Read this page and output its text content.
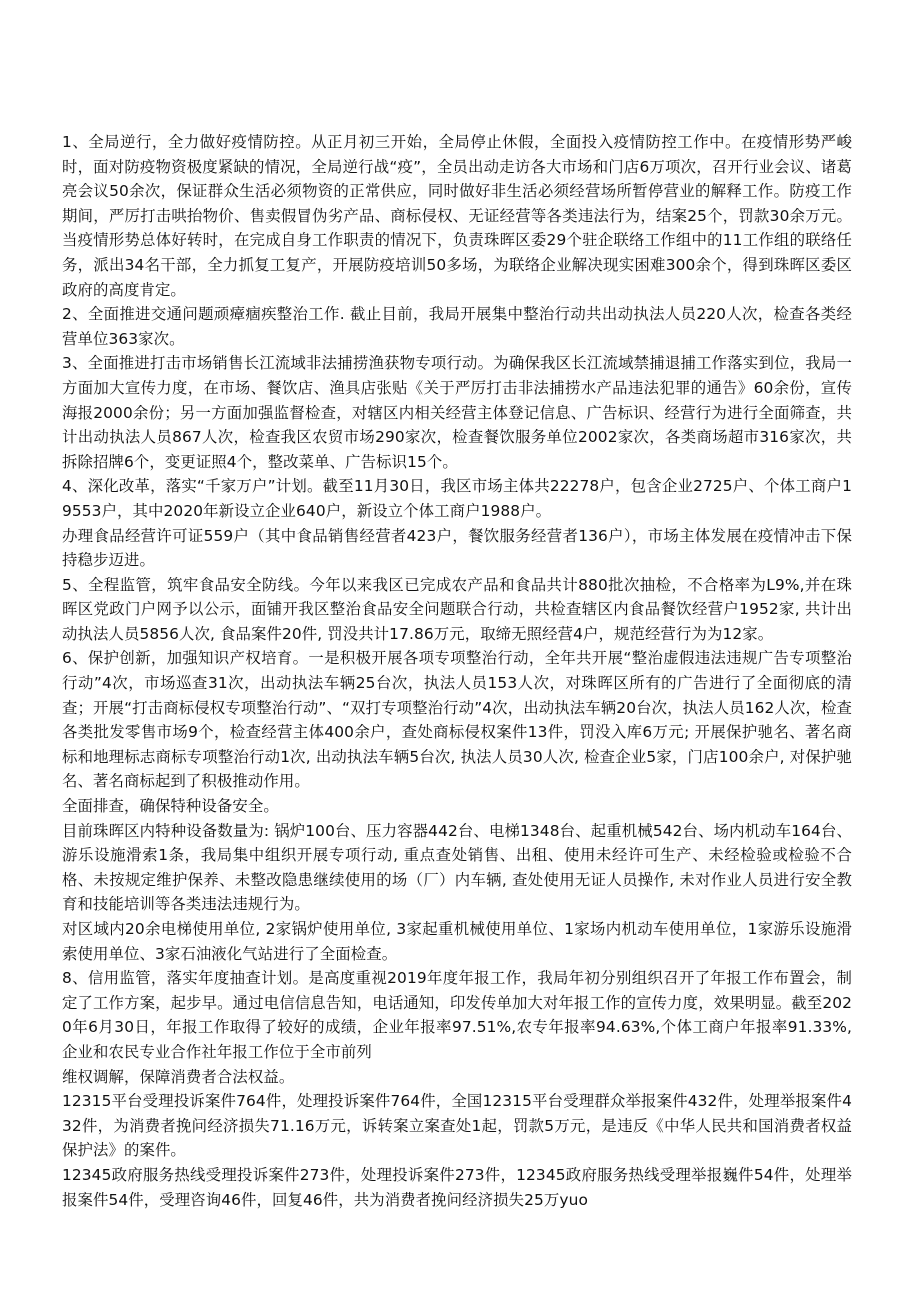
1、全局逆行，全力做好疫情防控。从正月初三开始，全局停止休假，全面投入疫情防控工作中。在疫情形势严峻时，面对防疫物资极度紧缺的情况，全局逆行战“疫”，全员出动走访各大市场和门店6万项次，召开行业会议、诸葛亮会议50余次，保证群众生活必须物资的正常供应，同时做好非生活必须经营场所暂停营业的解释工作。防疫工作期间，严厉打击哄抬物价、售卖假冒伪劣产品、商标侵权、无证经营等各类违法行为，结案25个，罚款30余万元。当疫情形势总体好转时，在完成自身工作职责的情况下，负责珠晖区委29个驻企联络工作组中的11工作组的联络任务，派出34名干部，全力抓复工复产，开展防疫培训50多场，为联络企业解决现实困难300余个，得到珠晖区委区政府的高度肯定。

2、全面推进交通问题顽瘴痼疾整治工作. 截止目前，我局开展集中整治行动共出动执法人员220人次，检查各类经营单位363家次。

3、全面推进打击市场销售长江流域非法捕捞渔获物专项行动。为确保我区长江流域禁捕退捕工作落实到位，我局一方面加大宣传力度，在市场、餐饮店、渔具店张贴《关于严厉打击非法捕捞水产品违法犯罪的通告》60余份，宣传海报2000余份；另一方面加强监督检查，对辖区内相关经营主体登记信息、广告标识、经营行为进行全面筛查，共计出动执法人员867人次，检查我区农贸市场290家次，检查餐饮服务单位2002家次，各类商场超市316家次，共拆除招牌6个，变更证照4个，整改菜单、广告标识15个。

4、深化改革，落实“千家万户”计划。截至11月30日，我区市场主体共22278户，包含企业2725户、个体工商户19553户，其中2020年新设立企业640户，新设立个体工商户1988户。

办理食品经营许可证559户（其中食品销售经营者423户，餐饮服务经营者136户），市场主体发展在疫情冲击下保持稳步迈进。

5、全程监管，筑牢食品安全防线。今年以来我区已完成农产品和食品共计880批次抽检，不合格率为L9%,并在珠晖区党政门户网予以公示，面铺开我区整治食品安全问题联合行动，共检查辖区内食品餐饮经营户1952家, 共计出动执法人员5856人次, 食品案件20件, 罚没共计17.86万元，取缔无照经营4户，规范经营行为为12家。

6、保护创新，加强知识产权培育。一是积极开展各项专项整治行动，全年共开展“整治虚假违法违规广告专项整治行动”4次，市场巡查31次，出动执法车辆25台次，执法人员153人次，对珠晖区所有的广告进行了全面彻底的清查；开展“打击商标侵权专项整治行动”、“双打专项整治行动”4次，出动执法车辆20台次，执法人员162人次，检查各类批发零售市场9个，检查经营主体400余户，查处商标侵权案件13件，罚没入库6万元; 开展保护驰名、著名商标和地理标志商标专项整治行动1次, 出动执法车辆5台次, 执法人员30人次, 检查企业5家，门店100余户, 对保护驰名、著名商标起到了积极推动作用。

全面排查，确保特种设备安全。

目前珠晖区内特种设备数量为: 锅炉100台、压力容器442台、电梯1348台、起重机械542台、场内机动车164台、游乐设施滑索1条，我局集中组织开展专项行动, 重点查处销售、出租、使用未经许可生产、未经检验或检验不合格、未按规定维护保养、未整改隐患继续使用的场（厂）内车辆, 查处使用无证人员操作, 未对作业人员进行安全教育和技能培训等各类违法违规行为。

对区域内20余电梯使用单位, 2家锅炉使用单位, 3家起重机械使用单位、1家场内机动车使用单位，1家游乐设施滑索使用单位、3家石油液化气站进行了全面检查。

8、信用监管，落实年度抽查计划。是高度重视2019年度年报工作，我局年初分别组织召开了年报工作布置会，制定了工作方案，起步早。通过电信信息告知，电话通知，印发传单加大对年报工作的宣传力度，效果明显。截至2020年6月30日，年报工作取得了较好的成绩，企业年报率97.51%,农专年报率94.63%,个体工商户年报率91.33%,企业和农民专业合作社年报工作位于全市前列

维权调解，保障消费者合法权益。

12315平台受理投诉案件764件，处理投诉案件764件，全国12315平台受理群众举报案件432件，处理举报案件432件，为消费者挽问经济损失71.16万元，诉转案立案查处1起，罚款5万元，是违反《中华人民共和国消费者权益保护法》的案件。

12345政府服务热线受理投诉案件273件，处理投诉案件273件，12345政府服务热线受理举报巍件54件，处理举报案件54件，受理咨询46件，回复46件，共为消费者挽问经济损失25万yuo
